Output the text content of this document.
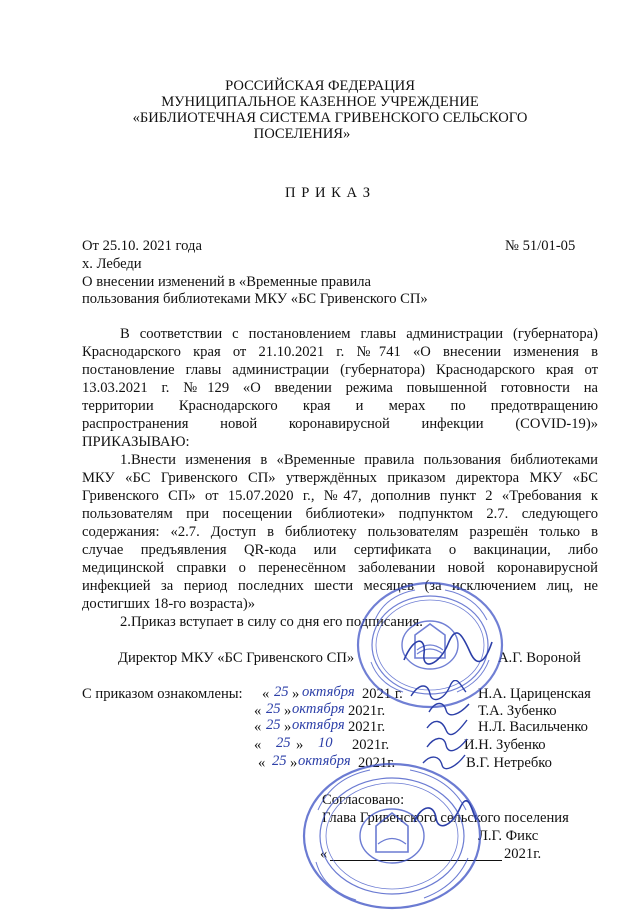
РОССИЙСКАЯ ФЕДЕРАЦИЯ
МУНИЦИПАЛЬНОЕ КАЗЕННОЕ УЧРЕЖДЕНИЕ
«БИБЛИОТЕЧНАЯ СИСТЕМА ГРИВЕНСКОГО СЕЛЬСКОГО
ПОСЕЛЕНИЯ»
П Р И К А З
От 25.10. 2021 года	№ 51/01-05
х. Лебеди
О внесении изменений в «Временные правила
пользования библиотеками МКУ «БС Гривенского СП»
В соответствии с постановлением главы администрации (губернатора)
Краснодарского края от 21.10.2021 г. №741 «О внесении изменения в
постановление главы администрации (губернатора) Краснодарского края от
13.03.2021 г. №129 «О введении режима повышенной готовности на
территории Краснодарского края и мерах по предотвращению
распространения новой коронавирусной инфекции (COVID-19)»
ПРИКАЗЫВАЮ:
1.Внести изменения в «Временные правила пользования библиотеками
МКУ «БС Гривенского СП» утверждённых приказом директора МКУ «БС
Гривенского СП» от 15.07.2020 г., №47, дополнив пункт 2 «Требования к
пользователям при посещении библиотеки» подпунктом 2.7. следующего
содержания: «2.7. Доступ в библиотеку пользователям разрешён только в
случае предъявления QR-кода или сертификата о вакцинации, либо
медицинской справки о перенесённом заболевании новой коронавирусной
инфекцией за период последних шести месяцев (за исключением лиц, не
достигших 18-го возраста)»
2.Приказ вступает в силу со дня его подписания.
Директор МКУ «БС Гривенского СП»	А.Г. Вороной
С приказом ознакомлены: « 25 » октября 2021 г.	Н.А. Цариценская
« 25 » октября 2021г.	Т.А. Зубенко
« 25 » октября 2021г.	Н.Л. Васильченко
« 25 » 10 2021г.	И.Н. Зубенко
« 25 » октября 2021г.	В.Г. Нетребко
Согласовано:
Глава Гривенского сельского поселения
Л.Г. Фикс
«	2021г.
